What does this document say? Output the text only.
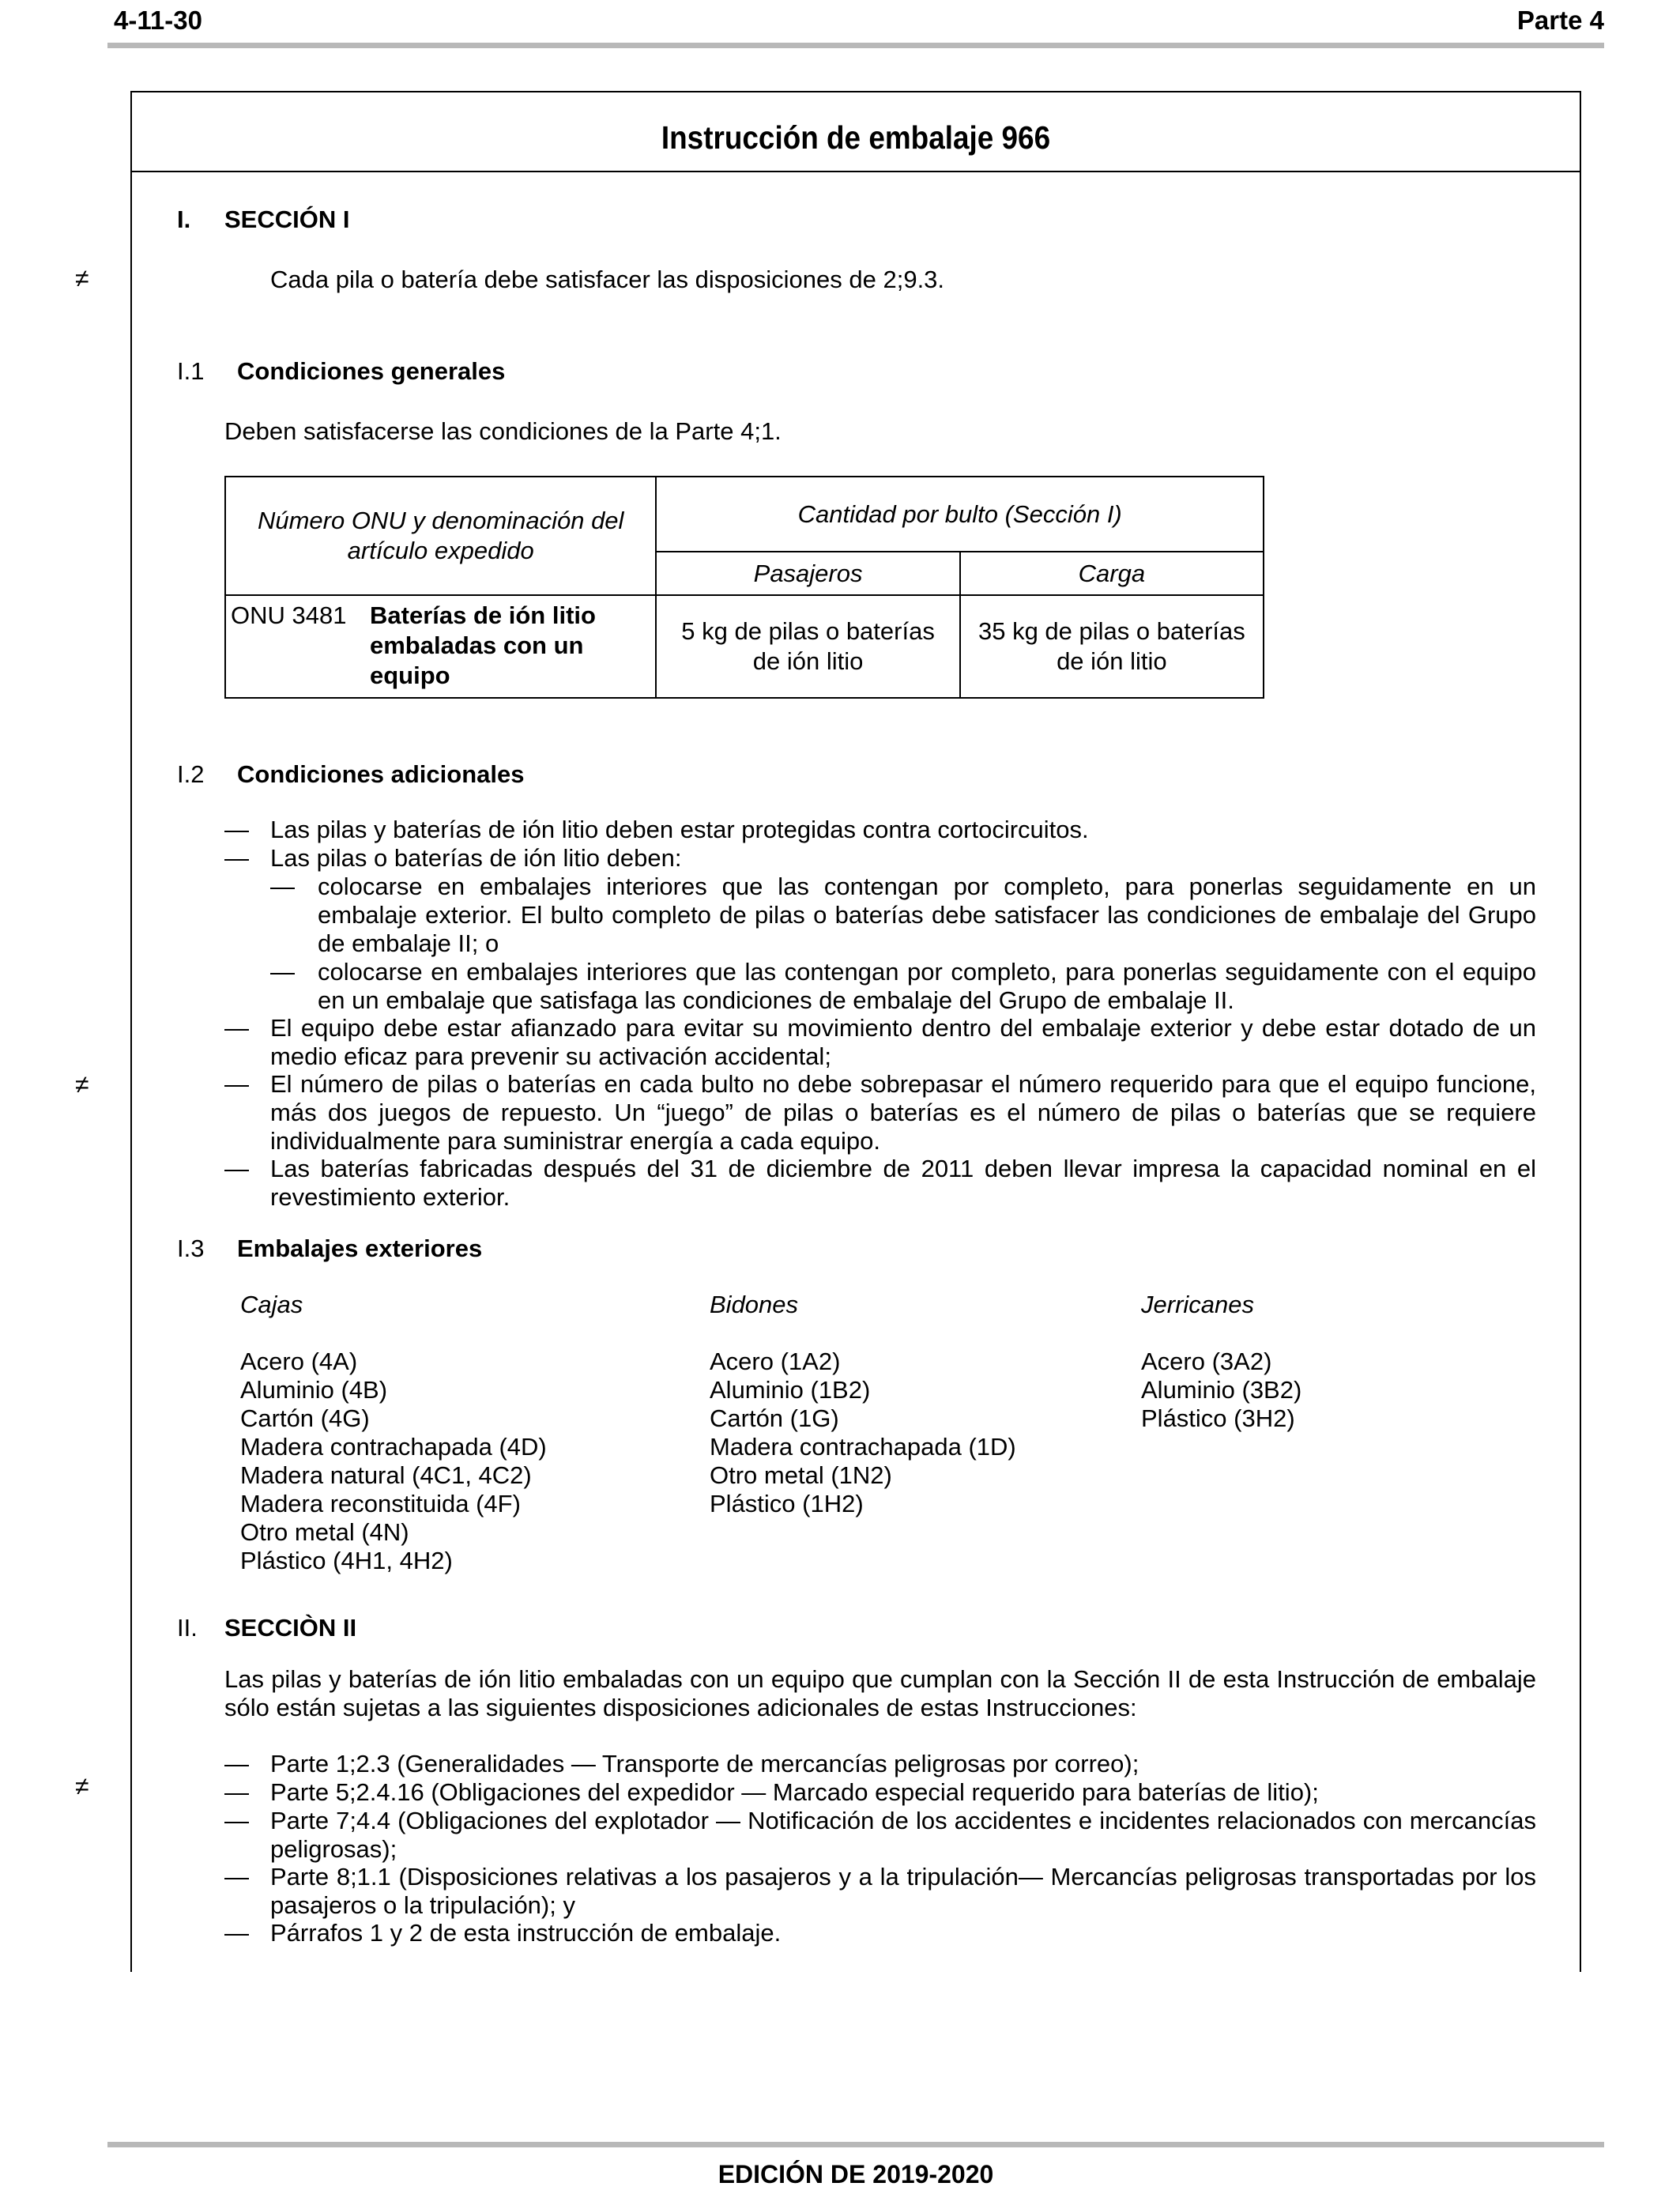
4-11-30	Parte 4
Instrucción de embalaje 966
≠
≠
≠
I. SECCIÓN I
Cada pila o batería debe satisfacer las disposiciones de 2;9.3.
I.1 Condiciones generales
Deben satisfacerse las condiciones de la Parte 4;1.
Número ONU y denominación del artículo expedido	Cantidad por bulto (Sección I)	
	Pasajeros	Carga

ONU 3481 Baterías de ión litio embaladas con un equipo	5 kg de pilas o baterías de ión litio	35 kg de pilas o baterías de ión litio
I.2 Condiciones adicionales
— Las pilas y baterías de ión litio deben estar protegidas contra cortocircuitos.
— Las pilas o baterías de ión litio deben:
— colocarse en embalajes interiores que las contengan por completo, para ponerlas seguidamente en un embalaje exterior. El bulto completo de pilas o baterías debe satisfacer las condiciones de embalaje del Grupo de embalaje II; o
— colocarse en embalajes interiores que las contengan por completo, para ponerlas seguidamente con el equipo en un embalaje que satisfaga las condiciones de embalaje del Grupo de embalaje II.
— El equipo debe estar afianzado para evitar su movimiento dentro del embalaje exterior y debe estar dotado de un medio eficaz para prevenir su activación accidental;
— El número de pilas o baterías en cada bulto no debe sobrepasar el número requerido para que el equipo funcione, más dos juegos de repuesto. Un “juego” de pilas o baterías es el número de pilas o baterías que se requiere individualmente para suministrar energía a cada equipo.
— Las baterías fabricadas después del 31 de diciembre de 2011 deben llevar impresa la capacidad nominal en el revestimiento exterior.
I.3 Embalajes exteriores
Cajas
Acero (4A)
Aluminio (4B)
Cartón (4G)
Madera contrachapada (4D)
Madera natural (4C1, 4C2)
Madera reconstituida (4F)
Otro metal (4N)
Plástico (4H1, 4H2)
Bidones
Acero (1A2)
Aluminio (1B2)
Cartón (1G)
Madera contrachapada (1D)
Otro metal (1N2)
Plástico (1H2)
Jerricanes
Acero (3A2)
Aluminio (3B2)
Plástico (3H2)
II. SECCIÒN II
Las pilas y baterías de ión litio embaladas con un equipo que cumplan con la Sección II de esta Instrucción de embalaje sólo están sujetas a las siguientes disposiciones adicionales de estas Instrucciones:
— Parte 1;2.3 (Generalidades — Transporte de mercancías peligrosas por correo);
— Parte 5;2.4.16 (Obligaciones del expedidor — Marcado especial requerido para baterías de litio);
— Parte 7;4.4 (Obligaciones del explotador — Notificación de los accidentes e incidentes relacionados con mercancías peligrosas);
— Parte 8;1.1 (Disposiciones relativas a los pasajeros y a la tripulación— Mercancías peligrosas transportadas por los pasajeros o la tripulación); y
— Párrafos 1 y 2 de esta instrucción de embalaje.
EDICIÓN DE 2019-2020
